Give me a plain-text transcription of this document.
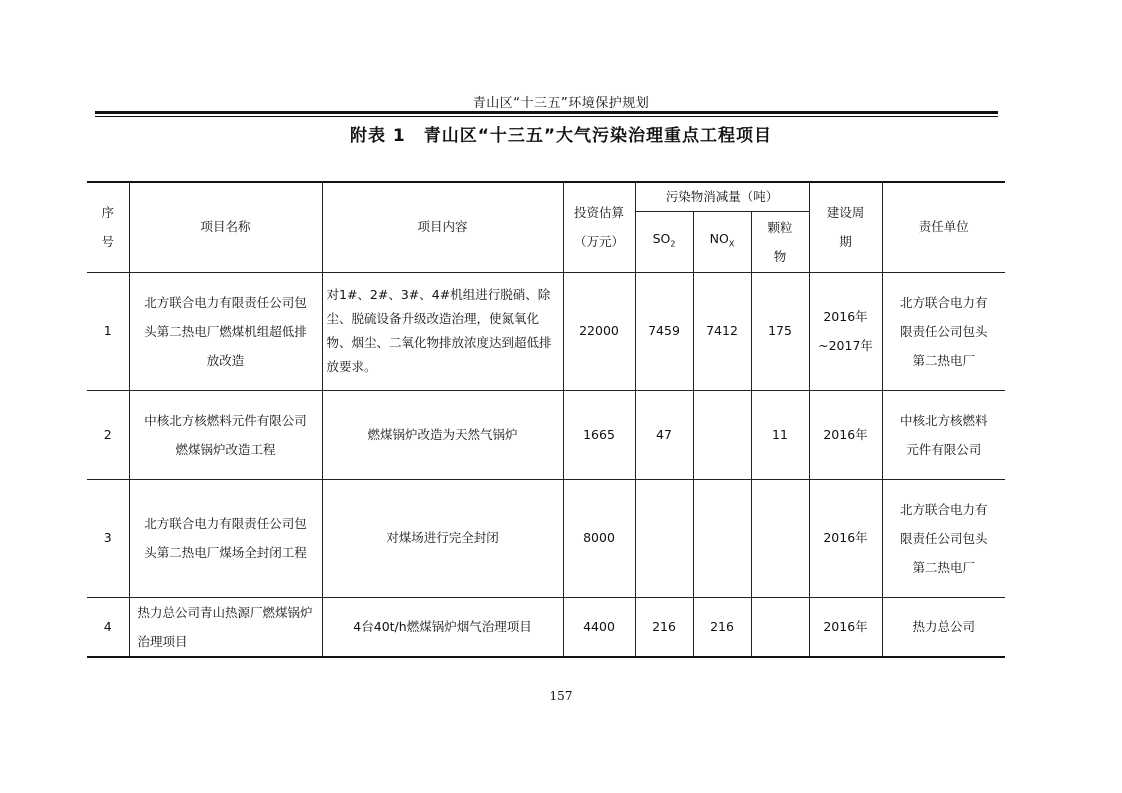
青山区“十三五”环境保护规划
附表 1　青山区“十三五”大气污染治理重点工程项目
序号	项目名称	项目内容	投资估算（万元）	污染物消减量（吨）			建设周期	责任单位
				$SO_2$	$NO_X$	颗粒物		
1	北方联合电力有限责任公司包头第二热电厂燃煤机组超低排放改造	对1#、2#、3#、4#机组进行脱硝、除尘、脱硫设备升级改造治理，使氮氧化物、烟尘、二氧化物排放浓度达到超低排放要求。	22000	7459	7412	175	2016年~2017年	北方联合电力有限责任公司包头第二热电厂
2	中核北方核燃料元件有限公司燃煤锅炉改造工程	燃煤锅炉改造为天然气锅炉	1665	47		11	2016年	中核北方核燃料元件有限公司
3	北方联合电力有限责任公司包头第二热电厂煤场全封闭工程	对煤场进行完全封闭	8000				2016年	北方联合电力有限责任公司包头第二热电厂
4	热力总公司青山热源厂燃煤锅炉治理项目	4台40t/h燃煤锅炉烟气治理项目	4400	216	216		2016年	热力总公司
157
